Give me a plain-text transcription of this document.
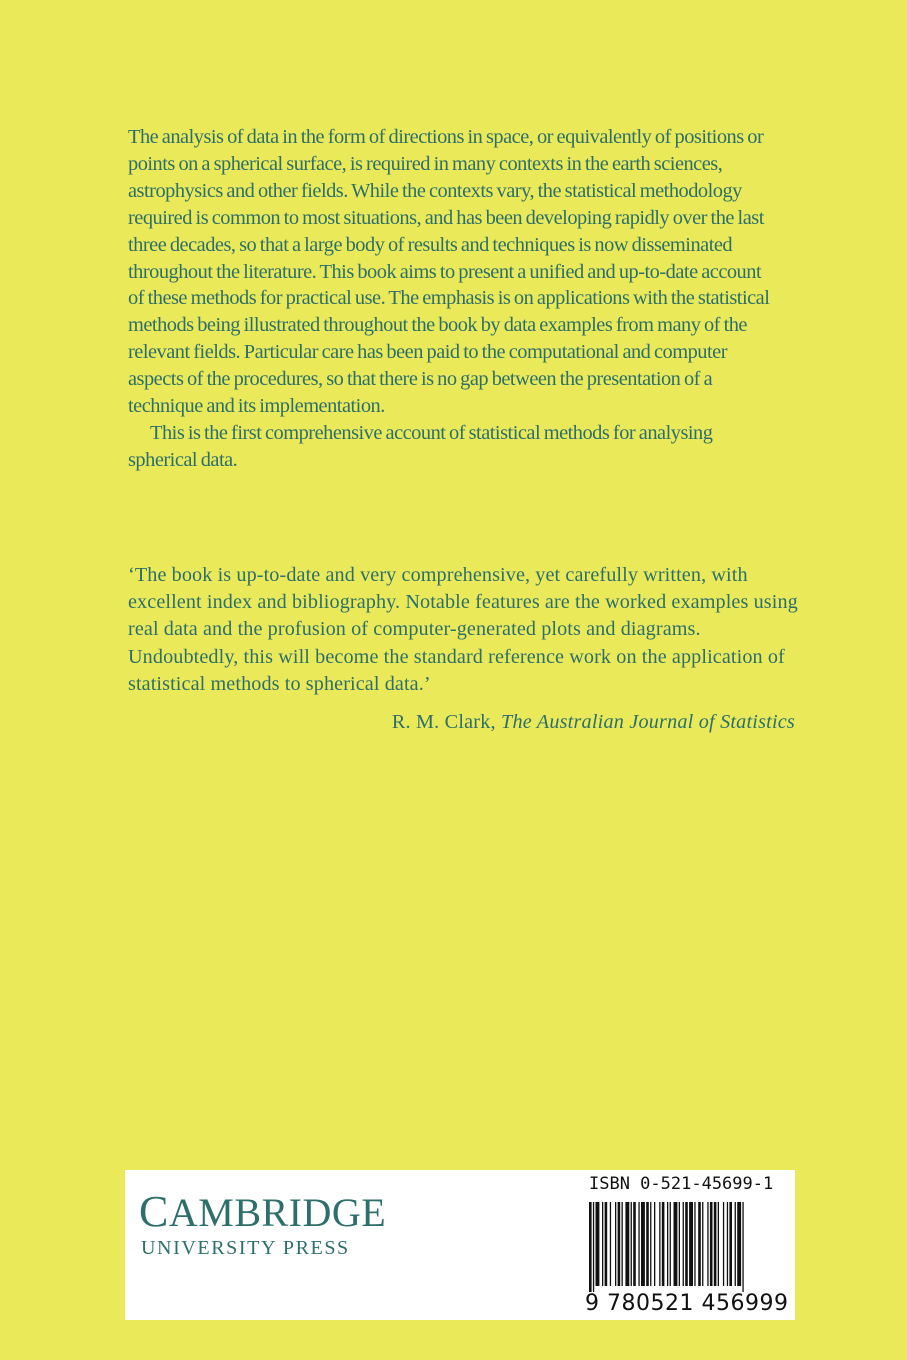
The analysis of data in the form of directions in space, or equivalently of positions or points on a spherical surface, is required in many contexts in the earth sciences, astrophysics and other fields. While the contexts vary, the statistical methodology required is common to most situations, and has been developing rapidly over the last three decades, so that a large body of results and techniques is now disseminated throughout the literature. This book aims to present a unified and up-to-date account of these methods for practical use. The emphasis is on applications with the statistical methods being illustrated throughout the book by data examples from many of the relevant fields. Particular care has been paid to the computational and computer aspects of the procedures, so that there is no gap between the presentation of a technique and its implementation.

This is the first comprehensive account of statistical methods for analysing spherical data.

‘The book is up-to-date and very comprehensive, yet carefully written, with excellent index and bibliography. Notable features are the worked examples using real data and the profusion of computer-generated plots and diagrams. Undoubtedly, this will become the standard reference work on the application of statistical methods to spherical data.’

R. M. Clark, The Australian Journal of Statistics
CAMBRIDGE
UNIVERSITY PRESS
ISBN 0-521-45699-1
9 780521 456999
